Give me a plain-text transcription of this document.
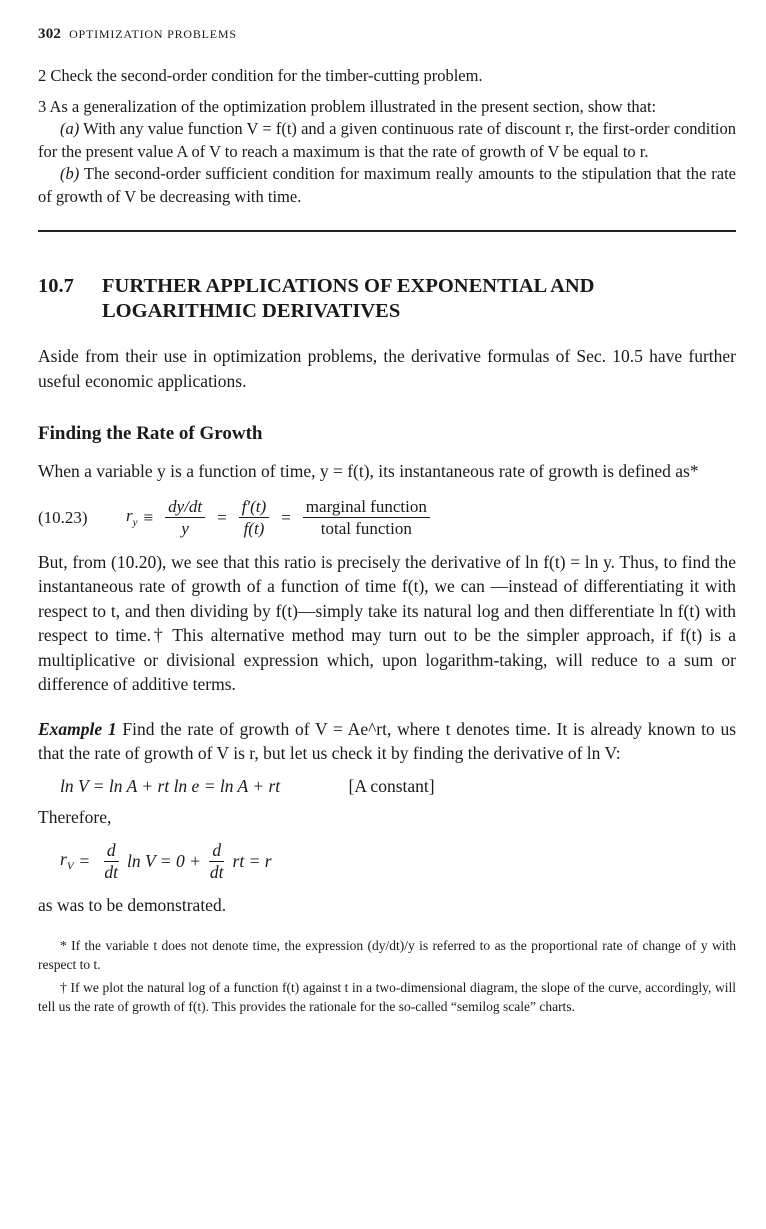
302 OPTIMIZATION PROBLEMS

2 Check the second-order condition for the timber-cutting problem.

3 As a generalization of the optimization problem illustrated in the present section, show that:

(a) With any value function V = f(t) and a given continuous rate of discount r, the first-order condition for the present value A of V to reach a maximum is that the rate of growth of V be equal to r.

(b) The second-order sufficient condition for maximum really amounts to the stipulation that the rate of growth of V be decreasing with time.

10.7	FURTHER APPLICATIONS OF EXPONENTIAL AND
LOGARITHMIC DERIVATIVES

Aside from their use in optimization problems, the derivative formulas of Sec. 10.5 have further useful economic applications.

Finding the Rate of Growth

When a variable y is a function of time, y = f(t), its instantaneous rate of growth is defined as*

(10.23)	$r_y \equiv \frac{dy/dt}{y} = \frac{f'(t)}{f(t)} = \frac{\text{marginal function}}{\text{total function}}$

But, from (10.20), we see that this ratio is precisely the derivative of ln f(t) = ln y. Thus, to find the instantaneous rate of growth of a function of time f(t), we can —instead of differentiating it with respect to t, and then dividing by f(t)—simply take its natural log and then differentiate ln f(t) with respect to time.† This alternative method may turn out to be the simpler approach, if f(t) is a multiplicative or divisional expression which, upon logarithm-taking, will reduce to a sum or difference of additive terms.

Example 1 Find the rate of growth of V = Ae^rt, where t denotes time. It is already known to us that the rate of growth of V is r, but let us check it by finding the derivative of ln V:

ln V = ln A + rt ln e = ln A + rt	[A constant]
Therefore,
$r_V = \frac{d}{dt}$ $\ln V = 0 + \frac{d}{dt}$ rt = r
as was to be demonstrated.

* If the variable t does not denote time, the expression (dy/dt)/y is referred to as the proportional rate of change of y with respect to t.

† If we plot the natural log of a function f(t) against t in a two-dimensional diagram, the slope of the curve, accordingly, will tell us the rate of growth of f(t). This provides the rationale for the so-called “semilog scale” charts.
